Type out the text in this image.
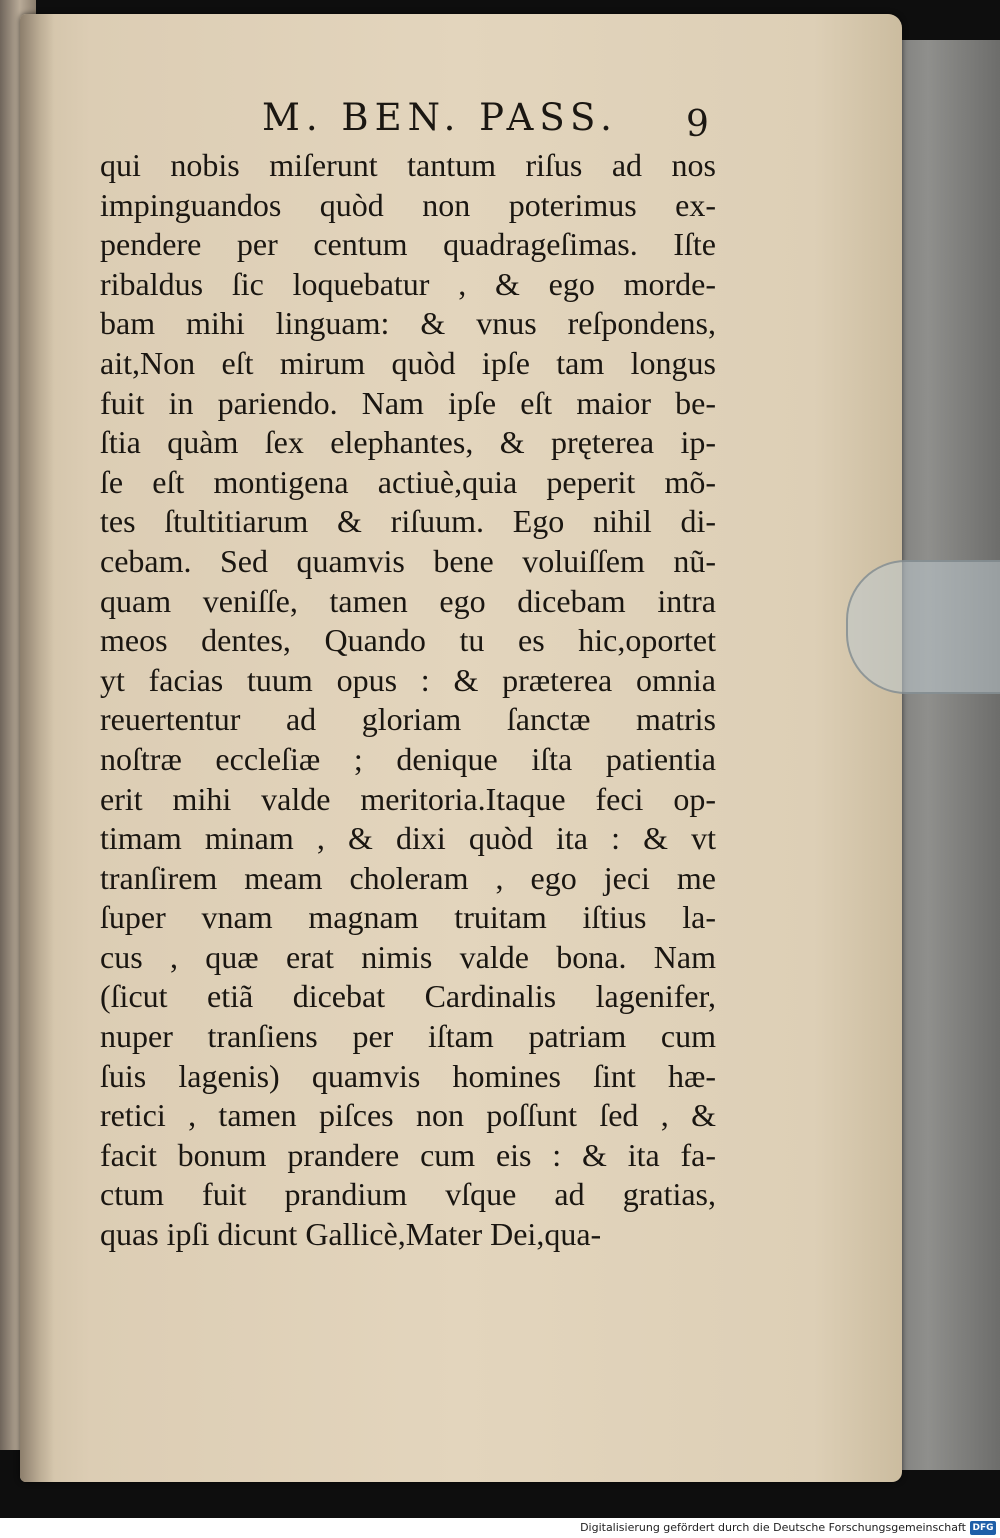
M. BEN. PASS.	9
qui nobis miſerunt tantum riſus ad nos
impinguandos quòd non poterimus ex-
pendere per centum quadrageſimas. Iſte
ribaldus ſic loquebatur , & ego morde-
bam mihi linguam: & vnus reſpondens,
ait,Non eſt mirum quòd ipſe tam longus
fuit in pariendo. Nam ipſe eſt maior be-
ſtia quàm ſex elephantes, & prętereа ip-
ſe eſt montigena actiuè,quia peperit mõ-
tes ſtultitiarum & riſuum. Ego nihil di-
cebam. Sed quamvis bene voluiſſem nũ-
quam veniſſe, tamen ego dicebam intra
meos dentes, Quando tu es hic,oportet
yt facias tuum opus : & præterea omnia
reuertentur ad gloriam ſanctæ matris
noſtræ eccleſiæ ; denique iſta patientia
erit mihi valde meritoria.Itaque feci op-
timam minam , & dixi quòd ita : & vt
tranſirem meam choleram , ego jeci me
ſuper vnam magnam truitam iſtius la-
cus , quæ erat nimis valde bona. Nam
(ſicut etiã dicebat Cardinalis lagenifer,
nuper tranſiens per iſtam patriam cum
ſuis lagenis) quamvis homines ſint hæ-
retici , tamen piſces non poſſunt ſed , &
facit bonum prandere cum eis : & ita fa-
ctum fuit prandium vſque ad gratias,
quas ipſi dicunt Gallicè,Mater Dei,qua-
Digitalisierung gefördert durch die Deutsche Forschungsgemeinschaft DFG
